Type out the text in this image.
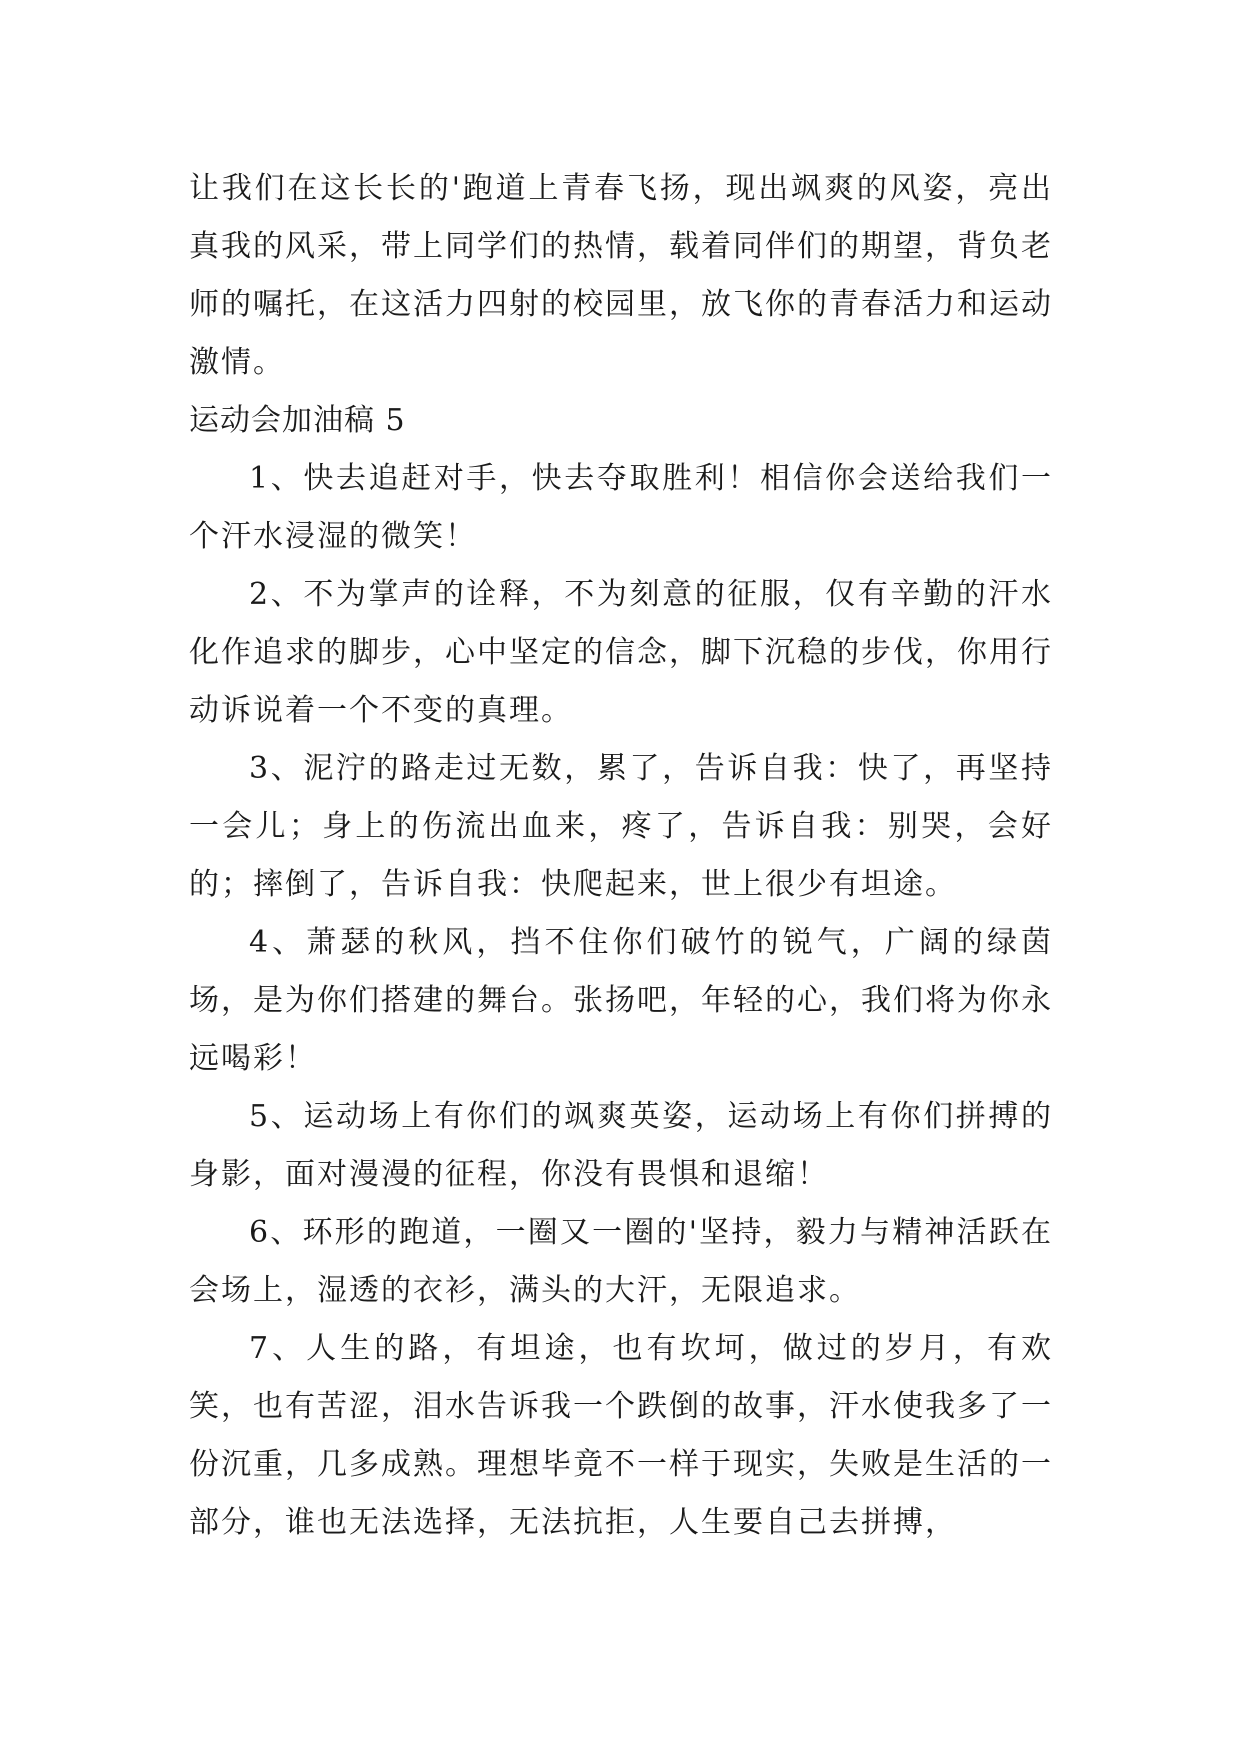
让我们在这长长的'跑道上青春飞扬，现出飒爽的风姿，亮出真我的风采，带上同学们的热情，载着同伴们的期望，背负老师的嘱托，在这活力四射的校园里，放飞你的青春活力和运动激情。

运动会加油稿 5

1、快去追赶对手，快去夺取胜利！相信你会送给我们一个汗水浸湿的微笑！

2、不为掌声的诠释，不为刻意的征服，仅有辛勤的汗水化作追求的脚步，心中坚定的信念，脚下沉稳的步伐，你用行动诉说着一个不变的真理。

3、泥泞的路走过无数，累了，告诉自我：快了，再坚持一会儿；身上的伤流出血来，疼了，告诉自我：别哭，会好的；摔倒了，告诉自我：快爬起来，世上很少有坦途。

4、萧瑟的秋风，挡不住你们破竹的锐气，广阔的绿茵场，是为你们搭建的舞台。张扬吧，年轻的心，我们将为你永远喝彩！

5、运动场上有你们的飒爽英姿，运动场上有你们拼搏的身影，面对漫漫的征程，你没有畏惧和退缩！

6、环形的跑道，一圈又一圈的'坚持，毅力与精神活跃在会场上，湿透的衣衫，满头的大汗，无限追求。

7、人生的路，有坦途，也有坎坷，做过的岁月，有欢笑，也有苦涩，泪水告诉我一个跌倒的故事，汗水使我多了一份沉重，几多成熟。理想毕竟不一样于现实，失败是生活的一部分，谁也无法选择，无法抗拒，人生要自己去拼搏，
